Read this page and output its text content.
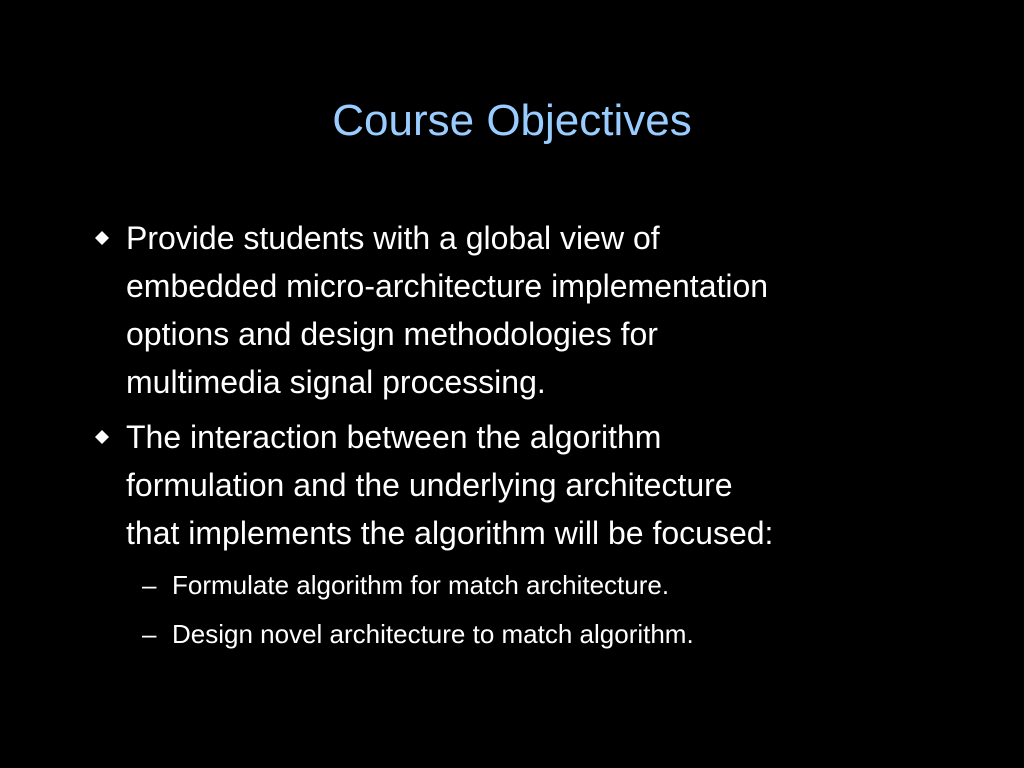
Course Objectives
Provide students with a global view of
embedded micro-architecture implementation
options and design methodologies for
multimedia signal processing.
The interaction between the algorithm
formulation and the underlying architecture
that implements the algorithm will be focused:
– Formulate algorithm for match architecture.
– Design novel architecture to match algorithm.
